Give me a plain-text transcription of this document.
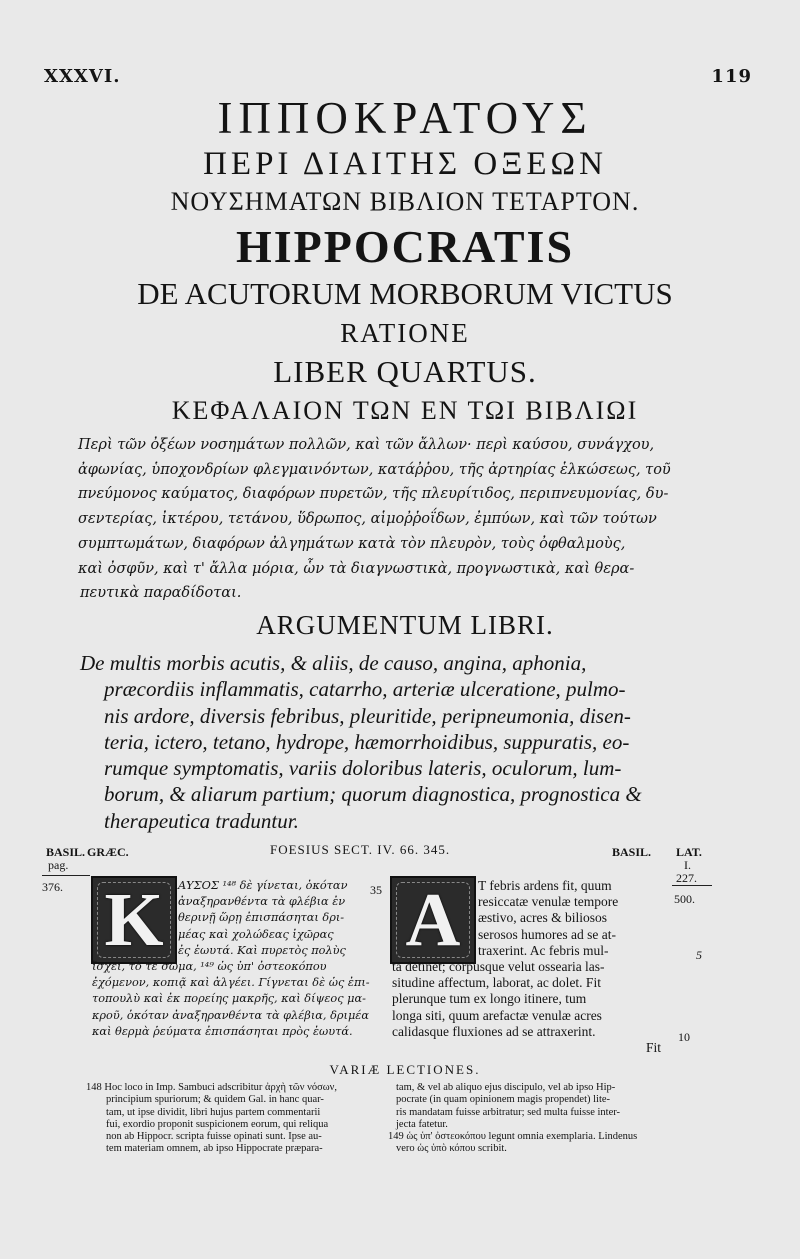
XXXVI.	119
ΙΠΠΟΚΡΑΤΟΥΣ
ΠΕΡΙ ΔΙΑΙΤΗΣ ΟΞΕΩΝ
ΝΟΥΣΗΜΑΤΩΝ ΒΙΒΛΙΟΝ ΤΕΤΑΡΤΟΝ.
HIPPOCRATIS
DE ACUTORUM MORBORUM VICTUS
RATIONE
LIBER QUARTUS.
ΚΕΦΑΛΑΙΟΝ ΤΩΝ ΕΝ ΤΩΙ ΒΙΒΛΙΩΙ
Περὶ τῶν ὀξέων νοσημάτων πολλῶν, καὶ τῶν ἄλλων· περὶ καύσου, συνάγχου,
ἀφωνίας, ὑποχονδρίων φλεγμαινόντων, κατάῤῥου, τῆς ἀρτηρίας ἑλκώσεως, τοῦ
πνεύμονος καύματος, διαφόρων πυρετῶν, τῆς πλευρίτιδος, περιπνευμονίας, δυ-
σεντερίας, ἰκτέρου, τετάνου, ὕδρωπος, αἱμοῤῥοΐδων, ἐμπύων, καὶ τῶν τούτων
συμπτωμάτων, διαφόρων ἀλγημάτων κατὰ τὸν πλευρὸν, τοὺς ὀφθαλμοὺς,
καὶ ὀσφῦν, καὶ τ' ἄλλα μόρια, ὧν τὰ διαγνωστικὰ, προγνωστικὰ, καὶ θερα-
πευτικὰ παραδίδοται.
ARGUMENTUM LIBRI.
De multis morbis acutis, & aliis, de causo, angina, aphonia,
præcordiis inflammatis, catarrho, arteriæ ulceratione, pulmo-
nis ardore, diversis febribus, pleuritide, peripneumonia, disen-
teria, ictero, tetano, hydrope, hæmorrhoidibus, suppuratis, eo-
rumque symptomatis, variis doloribus lateris, oculorum, lum-
borum, & aliarum partium; quorum diagnostica, prognostica &
therapeutica traduntur.
BASIL.
pag.
GRÆC.	FOESIUS SECT. IV. 66. 345.	BASIL. LAT.
I.
376.
227.
500.
Κ ΑΥΣΟΣ ¹⁴⁸ δὲ γίνεται, ὁκόταν
ἀναξηρανθέντα τὰ φλέβια ἐν
θερινῇ ὥρῃ ἐπισπάσηται δρι-
μέας καὶ χολώδεας ἰχῶρας
ἐς ἑωυτά. Καὶ πυρετὸς πολὺς
ἴσχει, τὸ τε σῶμα, ¹⁴⁹ ὡς ὑπ' ὀστεοκόπου
ἐχόμενον, κοπιᾷ καὶ ἀλγέει. Γίγνεται δὲ ὡς ἐπι-
τοπουλὺ καὶ ἐκ πορείης μακρῆς, καὶ δίψεος μα-
κροῦ, ὁκόταν ἀναξηρανθέντα τὰ φλέβια, δριμέα
καὶ θερμὰ ῥεύματα ἐπισπάσηται πρὸς ἑωυτά.
35 A T febris ardens fit, quum
resiccatæ venulæ tempore
æstivo, acres & biliosos
serosos humores ad se at-
traxerint. Ac febris mul-
ta detinet; corpusque velut ossearia las-
situdine affectum, laborat, ac dolet. Fit
plerunque tum ex longo itinere, tum
longa siti, quum arefactæ venulæ acres
calidasque fluxiones ad se attraxerint.
Fit
5
10
VARIÆ LECTIONES.
148 Hoc loco in Imp. Sambuci adscribitur ἀρχὴ τῶν νόσων,
principium spuriorum; & quidem Gal. in hanc quar-
tam, ut ipse dividit, libri hujus partem commentarii
fui, exordio proponit suspicionem eorum, qui reliqua
non ab Hippocr. scripta fuisse opinati sunt. Ipse au-
tem materiam omnem, ab ipso Hippocrate præpara-
tam, & vel ab aliquo ejus discipulo, vel ab ipso Hip-
pocrate (in quam opinionem magis propendet) lite-
ris mandatam fuisse arbitratur; sed multa fuisse inter-
jecta fatetur.
149 ὡς ὑπ' ὀστεοκόπου legunt omnia exemplaria. Lindenus
vero ὡς ὑπὸ κόπου scribit.
